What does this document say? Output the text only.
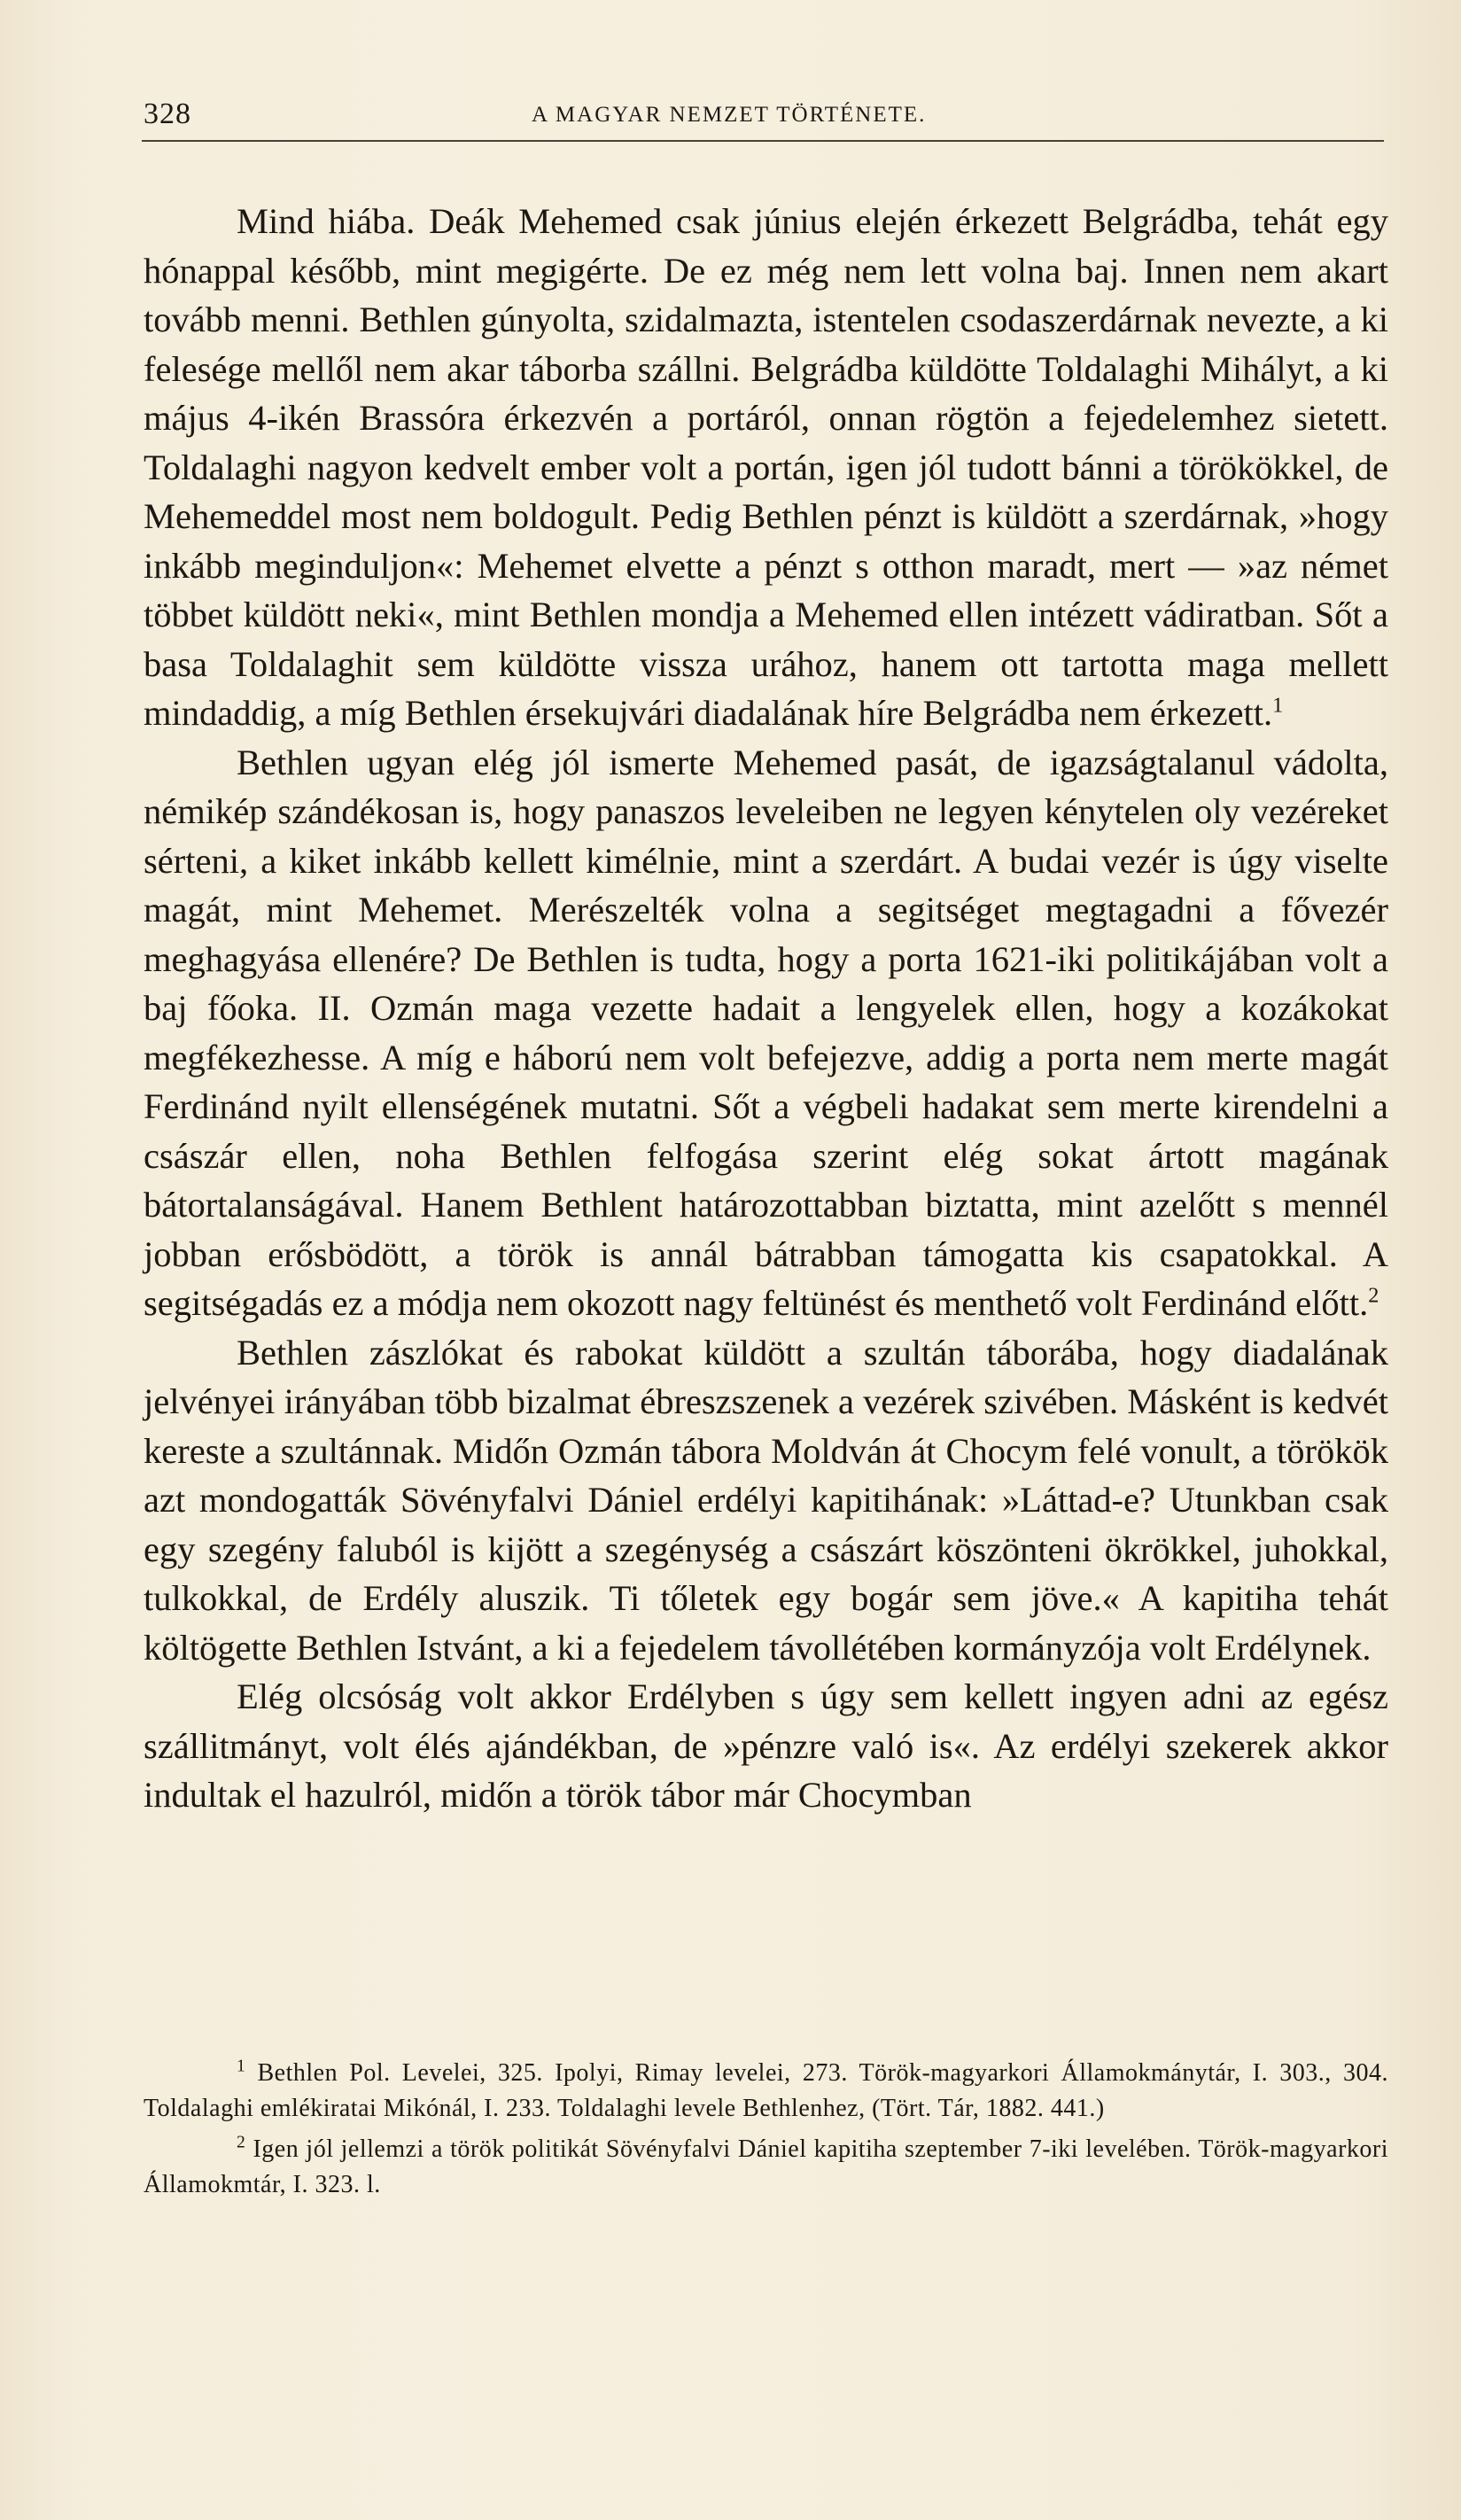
328	A MAGYAR NEMZET TÖRTÉNETE.

Mind hiába. Deák Mehemed csak június elején érkezett Belgrádba, tehát egy hónappal később, mint megigérte. De ez még nem lett volna baj. Innen nem akart tovább menni. Bethlen gúnyolta, szidalmazta, istentelen csodaszerdárnak nevezte, a ki felesége mellől nem akar táborba szállni. Belgrádba küldötte Toldalaghi Mihályt, a ki május 4-ikén Brassóra érkezvén a portáról, onnan rögtön a fejedelemhez sietett. Toldalaghi nagyon kedvelt ember volt a portán, igen jól tudott bánni a törökökkel, de Mehemeddel most nem boldogult. Pedig Bethlen pénzt is küldött a szerdárnak, »hogy inkább meginduljon«: Mehemet elvette a pénzt s otthon maradt, mert — »az német többet küldött neki«, mint Bethlen mondja a Mehemed ellen intézett vádiratban. Sőt a basa Toldalaghit sem küldötte vissza urához, hanem ott tartotta maga mellett mindaddig, a míg Bethlen érsekujvári diadalának híre Belgrádba nem érkezett.$^1$

Bethlen ugyan elég jól ismerte Mehemed pasát, de igazságtalanul vádolta, némikép szándékosan is, hogy panaszos leveleiben ne legyen kénytelen oly vezéreket sérteni, a kiket inkább kellett kimélnie, mint a szerdárt. A budai vezér is úgy viselte magát, mint Mehemet. Merészelték volna a segitséget megtagadni a fővezér meghagyása ellenére? De Bethlen is tudta, hogy a porta 1621-iki politikájában volt a baj főoka. II. Ozmán maga vezette hadait a lengyelek ellen, hogy a kozákokat megfékezhesse. A míg e háború nem volt befejezve, addig a porta nem merte magát Ferdinánd nyilt ellenségének mutatni. Sőt a végbeli hadakat sem merte kirendelni a császár ellen, noha Bethlen felfogása szerint elég sokat ártott magának bátortalanságával. Hanem Bethlent határozottabban biztatta, mint azelőtt s mennél jobban erősbödött, a török is annál bátrabban támogatta kis csapatokkal. A segitségadás ez a módja nem okozott nagy feltünést és menthető volt Ferdinánd előtt.$^2$

Bethlen zászlókat és rabokat küldött a szultán táborába, hogy diadalának jelvényei irányában több bizalmat ébreszszenek a vezérek szivében. Másként is kedvét kereste a szultánnak. Midőn Ozmán tábora Moldván át Chocym felé vonult, a törökök azt mondogatták Sövényfalvi Dániel erdélyi kapitihának: »Láttad-e? Utunkban csak egy szegény faluból is kijött a szegénység a császárt köszönteni ökrökkel, juhokkal, tulkokkal, de Erdély aluszik. Ti tőletek egy bogár sem jöve.« A kapitiha tehát költögette Bethlen Istvánt, a ki a fejedelem távollétében kormányzója volt Erdélynek.

Elég olcsóság volt akkor Erdélyben s úgy sem kellett ingyen adni az egész szállitmányt, volt élés ajándékban, de »pénzre való is«. Az erdélyi szekerek akkor indultak el hazulról, midőn a török tábor már Chocymban

$^1$ Bethlen Pol. Levelei, 325. Ipolyi, Rimay levelei, 273. Török-magyarkori Államokmánytár, I. 303., 304. Toldalaghi emlékiratai Mikónál, I. 233. Toldalaghi levele Bethlenhez, (Tört. Tár, 1882. 441.)

$^2$ Igen jól jellemzi a török politikát Sövényfalvi Dániel kapitiha szeptember 7-iki levelében. Török-magyarkori Államokmtár, I. 323. l.
